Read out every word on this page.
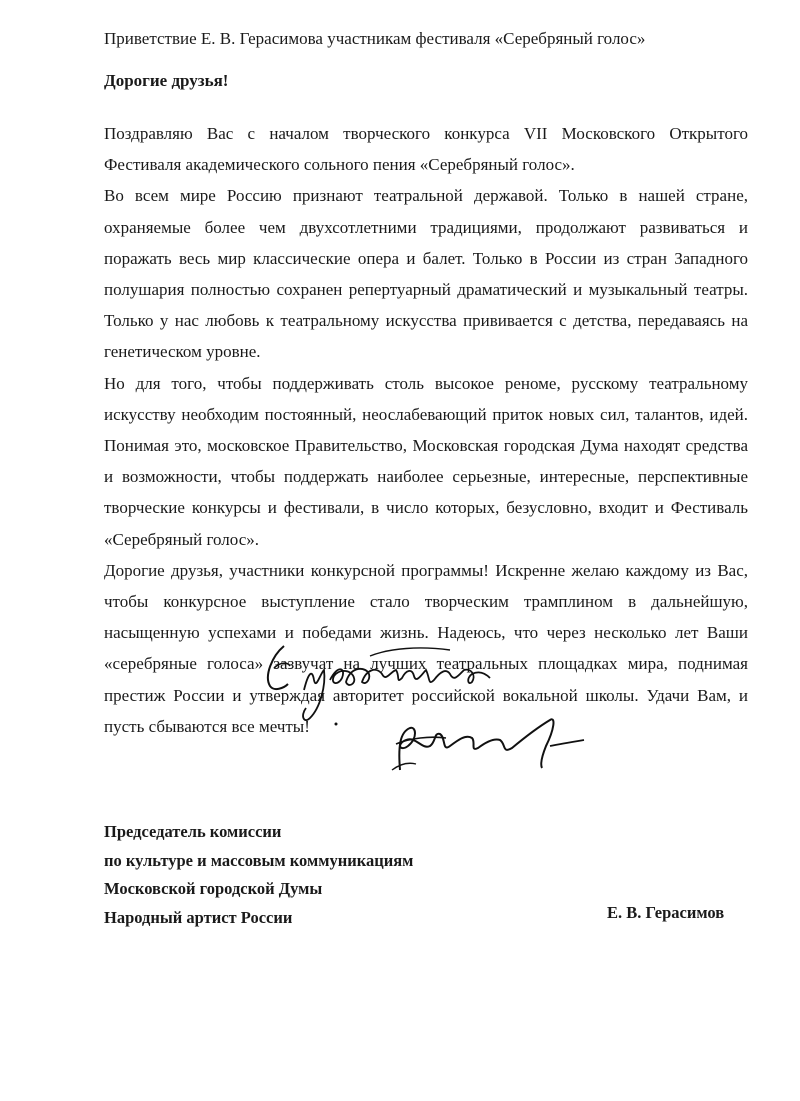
Приветствие Е. В. Герасимова участникам фестиваля «Серебряный голос»
Дорогие друзья!

Поздравляю Вас с началом творческого конкурса VII Московского Открытого Фестиваля академического сольного пения «Серебряный голос».

Во всем мире Россию признают театральной державой. Только в нашей стране, охраняемые более чем двухсотлетними традициями, продолжают развиваться и поражать весь мир классические опера и балет. Только в России из стран Западного полушария полностью сохранен репертуарный драматический и музыкальный театры. Только у нас любовь к театральному искусства прививается с детства, передаваясь на генетическом уровне.

Но для того, чтобы поддерживать столь высокое реноме, русскому театральному искусству необходим постоянный, неослабевающий приток новых сил, талантов, идей. Понимая это, московское Правительство, Московская городская Дума находят средства и возможности, чтобы поддержать наиболее серьезные, интересные, перспективные творческие конкурсы и фестивали, в число которых, безусловно, входит и Фестиваль «Серебряный голос».

Дорогие друзья, участники конкурсной программы! Искренне желаю каждому из Вас, чтобы конкурсное выступление стало творческим трамплином в дальнейшую, насыщенную успехами и победами жизнь. Надеюсь, что через несколько лет Ваши «серебряные голоса» зазвучат на лучших театральных площадках мира, поднимая престиж России и утверждая авторитет российской вокальной школы. Удачи Вам, и пусть сбываются все мечты!

Председатель комиссии
по культуре и массовым коммуникациям
Московской городской Думы
Народный артист России	Е. В. Герасимов
